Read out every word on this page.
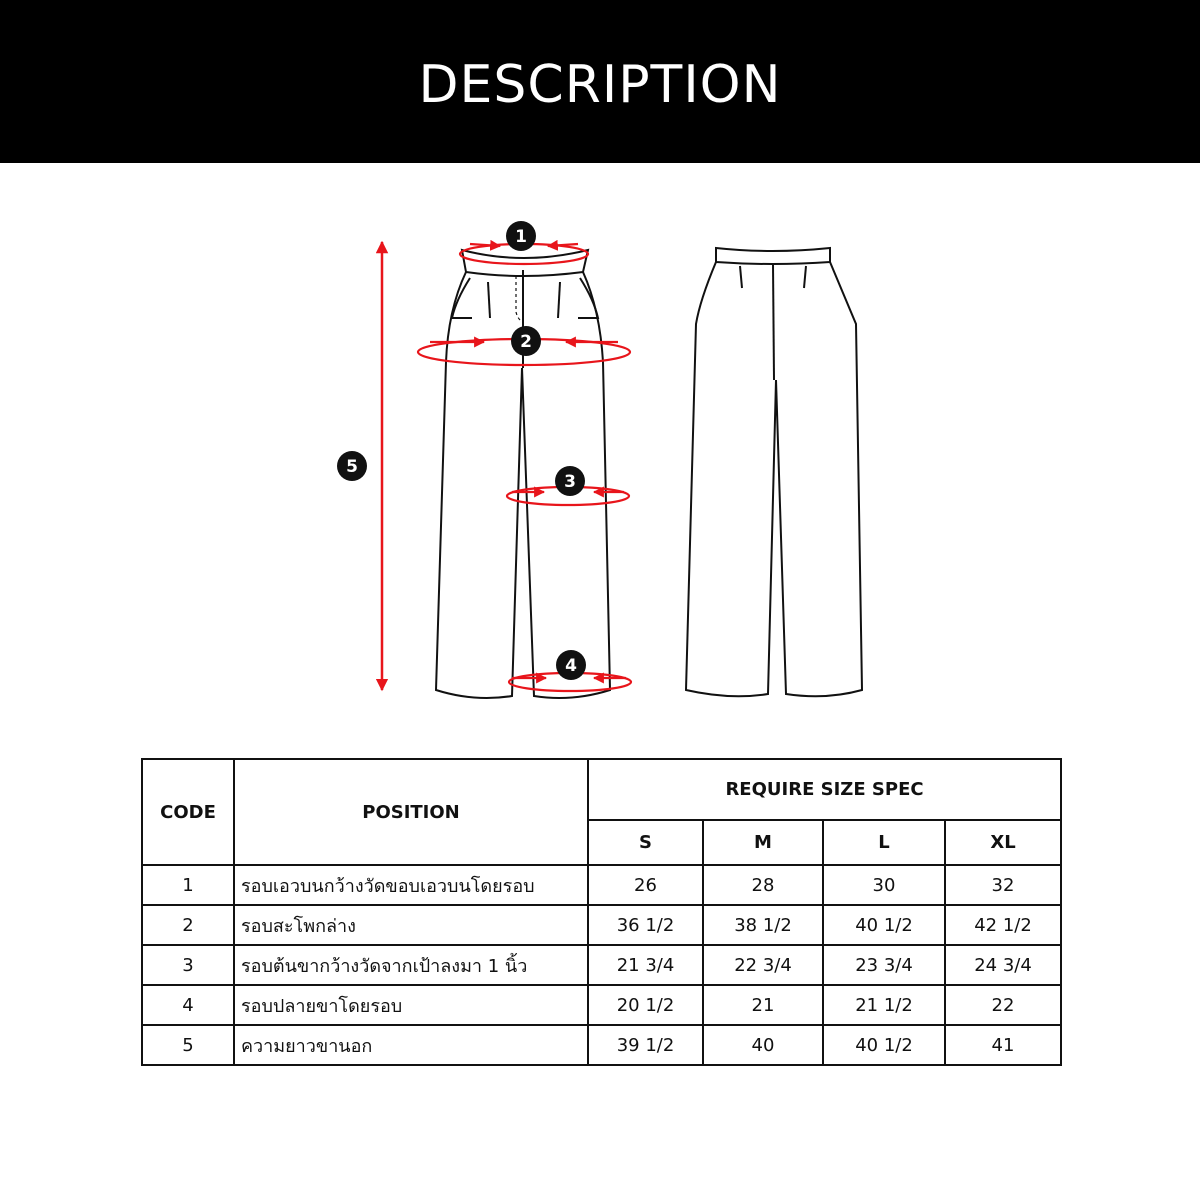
DESCRIPTION
1
2
3
4
5
CODE	POSITION	REQUIRE SIZE SPEC			
		S	M	L	XL
1	รอบเอวบนกว้างวัดขอบเอวบนโดยรอบ	26	28	30	32
2	รอบสะโพกล่าง	36 1/2	38 1/2	40 1/2	42 1/2
3	รอบต้นขากว้างวัดจากเป้าลงมา 1 นิ้ว	21 3/4	22 3/4	23 3/4	24 3/4
4	รอบปลายขาโดยรอบ	20 1/2	21	21 1/2	22
5	ความยาวขานอก	39 1/2	40	40 1/2	41
